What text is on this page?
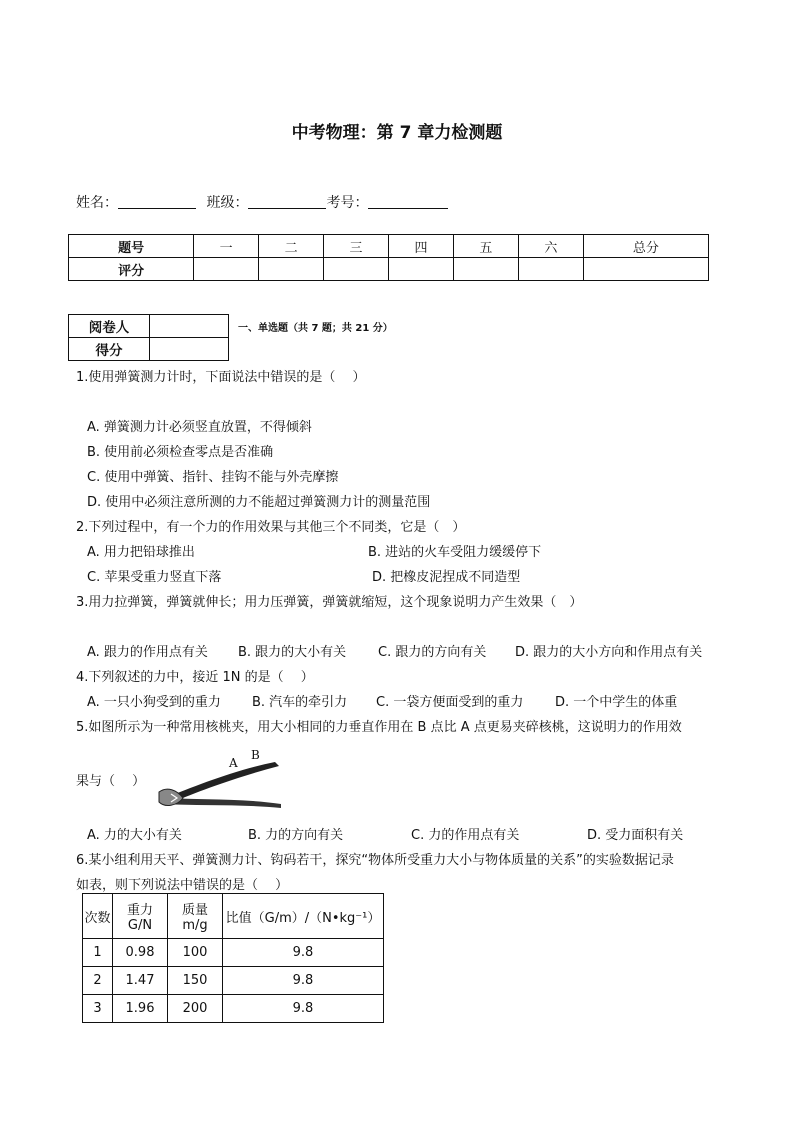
中考物理：第 7 章力检测题
姓名：	班级：	考号：
题号	一	二	三	四	五	六	总分
评分							
阅卷人	
得分	
一、单选题（共 7 题；共 21 分）
1.使用弹簧测力计时，下面说法中错误的是（　 ）
A. 弹簧测力计必须竖直放置，不得倾斜
B. 使用前必须检查零点是否准确
C. 使用中弹簧、指针、挂钩不能与外壳摩擦
D. 使用中必须注意所测的力不能超过弹簧测力计的测量范围
2.下列过程中，有一个力的作用效果与其他三个不同类，它是（　）
A. 用力把铅球推出	B. 进站的火车受阻力缓缓停下
C. 苹果受重力竖直下落	D. 把橡皮泥捏成不同造型
3.用力拉弹簧，弹簧就伸长；用力压弹簧，弹簧就缩短，这个现象说明力产生效果（　）
A. 跟力的作用点有关 B. 跟力的大小有关 C. 跟力的方向有关 D. 跟力的大小方向和作用点有关
4.下列叙述的力中，接近 1N 的是（　 ）
A. 一只小狗受到的重力 B. 汽车的牵引力 C. 一袋方便面受到的重力 D. 一个中学生的体重
5.如图所示为一种常用核桃夹，用大小相同的力垂直作用在 B 点比 A 点更易夹碎核桃，这说明力的作用效
果与（　 ）
A
B
A. 力的大小有关	B. 力的方向有关	C. 力的作用点有关	D. 受力面积有关
6.某小组利用天平、弹簧测力计、钩码若干，探究“物体所受重力大小与物体质量的关系”的实验数据记录
如表，则下列说法中错误的是（　 ）
次数	重力 G/N	质量 m/g	比值（G/m）/（N•kg⁻¹）
1	0.98	100	9.8
2	1.47	150	9.8
3	1.96	200	9.8
